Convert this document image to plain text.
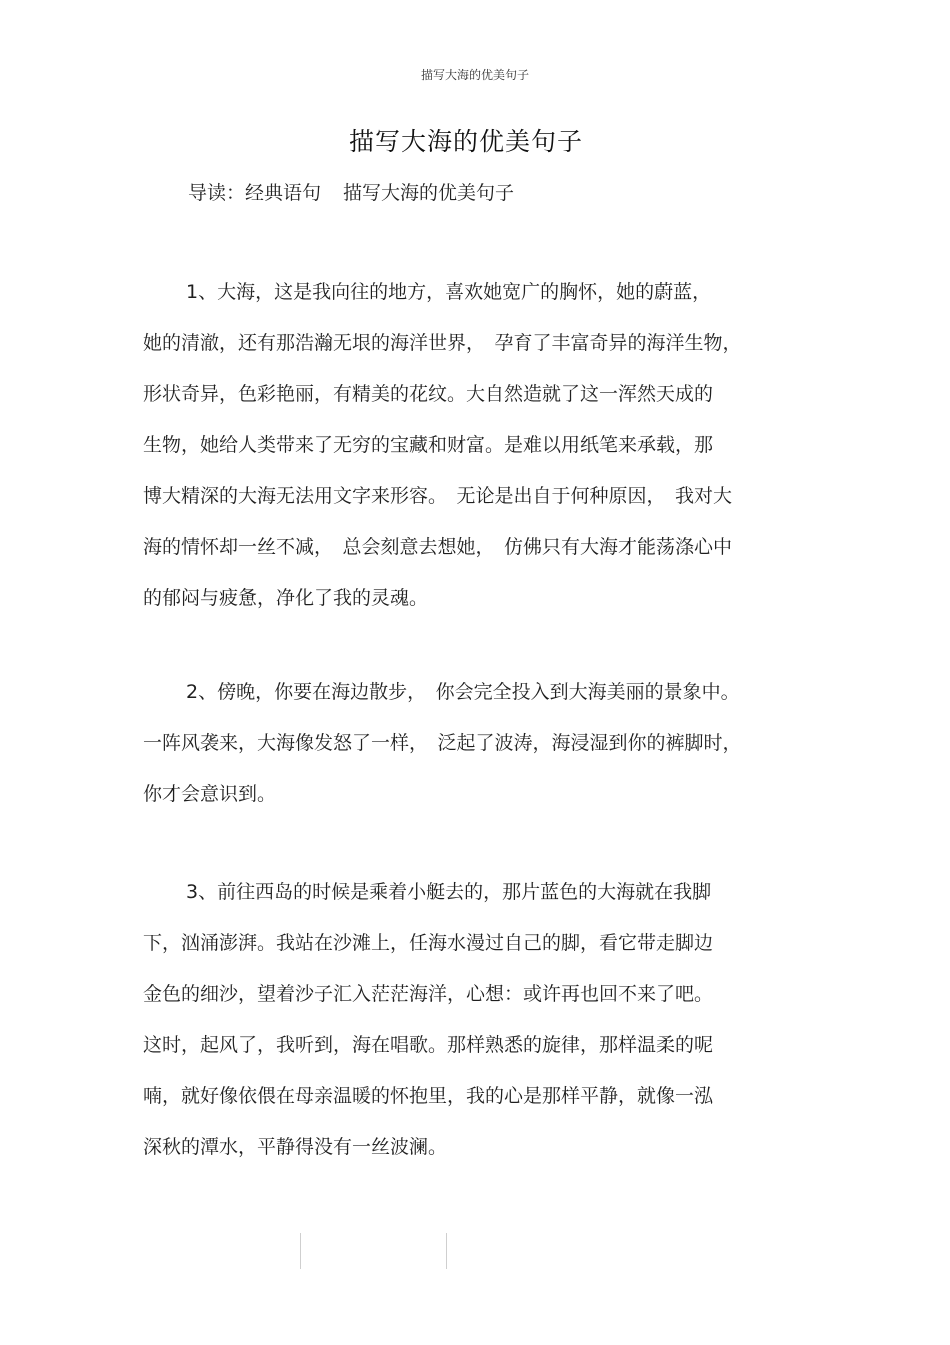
描写大海的优美句子
描写大海的优美句子
导读：经典语句 描写大海的优美句子
1、大海，这是我向往的地方，喜欢她宽广的胸怀，她的蔚蓝，
她的清澈，还有那浩瀚无垠的海洋世界，　孕育了丰富奇异的海洋生物，
形状奇异，色彩艳丽，有精美的花纹。大自然造就了这一浑然天成的
生物，她给人类带来了无穷的宝藏和财富。是难以用纸笔来承载，那
博大精深的大海无法用文字来形容。　无论是出自于何种原因，　我对大
海的情怀却一丝不减，　总会刻意去想她，　仿佛只有大海才能荡涤心中
的郁闷与疲惫，净化了我的灵魂。
2、傍晚，你要在海边散步，　你会完全投入到大海美丽的景象中。
一阵风袭来，大海像发怒了一样，　泛起了波涛，海浸湿到你的裤脚时，
你才会意识到。
3、前往西岛的时候是乘着小艇去的，那片蓝色的大海就在我脚
下，汹涌澎湃。我站在沙滩上，任海水漫过自己的脚，看它带走脚边
金色的细沙，望着沙子汇入茫茫海洋，心想：或许再也回不来了吧。
这时，起风了，我听到，海在唱歌。那样熟悉的旋律，那样温柔的呢
喃，就好像依偎在母亲温暖的怀抱里，我的心是那样平静，就像一泓
深秋的潭水，平静得没有一丝波澜。
